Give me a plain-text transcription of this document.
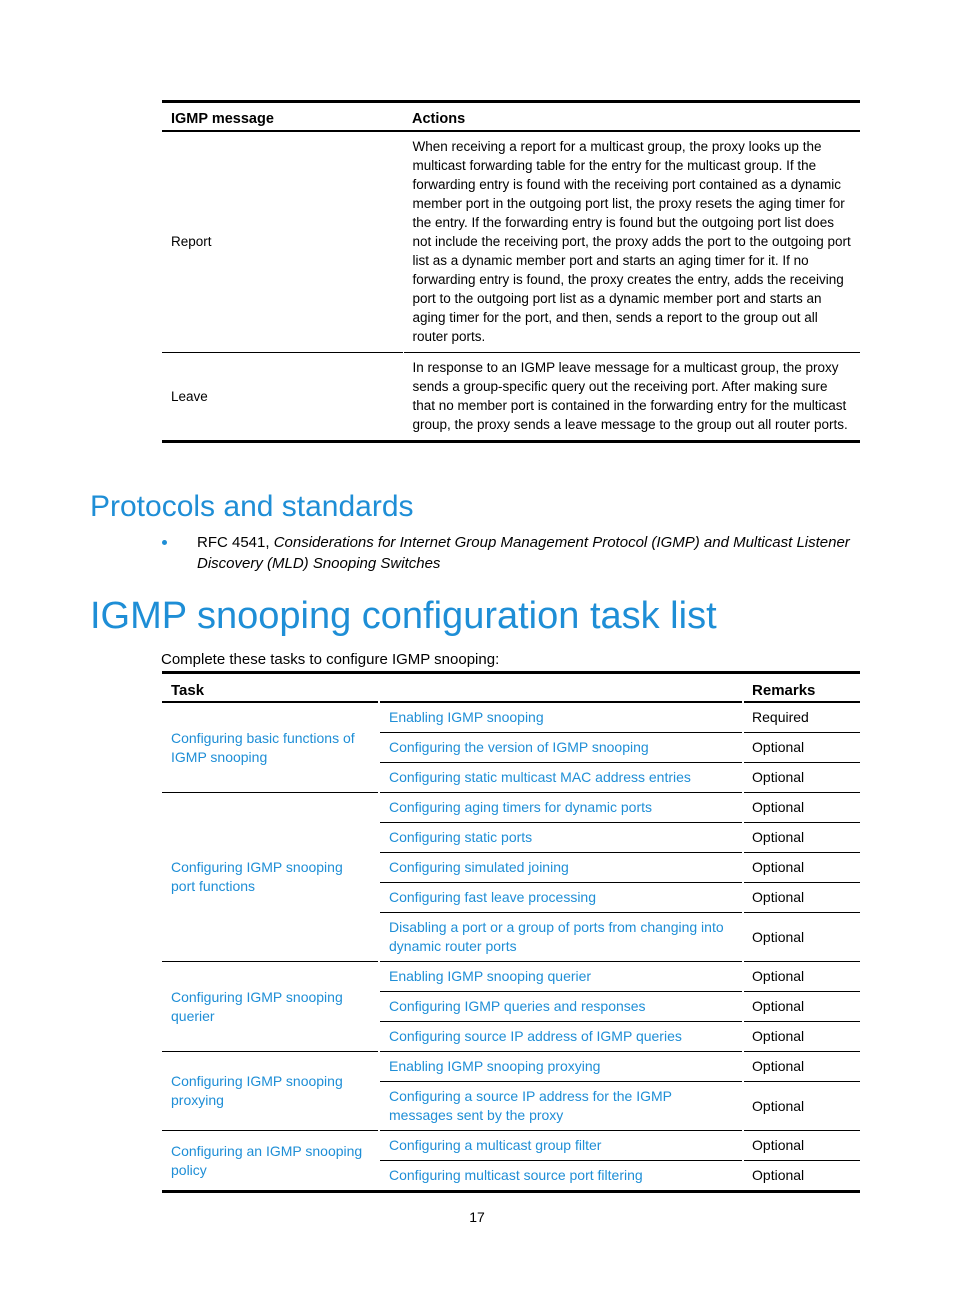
IGMP message	Actions
Report	When receiving a report for a multicast group, the proxy looks up the multicast forwarding table for the entry for the multicast group. If the forwarding entry is found with the receiving port contained as a dynamic member port in the outgoing port list, the proxy resets the aging timer for the entry. If the forwarding entry is found but the outgoing port list does not include the receiving port, the proxy adds the port to the outgoing port list as a dynamic member port and starts an aging timer for it. If no forwarding entry is found, the proxy creates the entry, adds the receiving port to the outgoing port list as a dynamic member port and starts an aging timer for the port, and then, sends a report to the group out all router ports.
Leave	In response to an IGMP leave message for a multicast group, the proxy sends a group-specific query out the receiving port. After making sure that no member port is contained in the forwarding entry for the multicast group, the proxy sends a leave message to the group out all router ports.
Protocols and standards
RFC 4541, Considerations for Internet Group Management Protocol (IGMP) and Multicast Listener Discovery (MLD) Snooping Switches
IGMP snooping configuration task list

Complete these tasks to configure IGMP snooping:

Task		Remarks
Configuring basic functions of IGMP snooping	Enabling IGMP snooping	Required
	Configuring the version of IGMP snooping	Optional
	Configuring static multicast MAC address entries	Optional
Configuring IGMP snooping port functions	Configuring aging timers for dynamic ports	Optional
	Configuring static ports	Optional
	Configuring simulated joining	Optional
	Configuring fast leave processing	Optional
	Disabling a port or a group of ports from changing into dynamic router ports	Optional
Configuring IGMP snooping querier	Enabling IGMP snooping querier	Optional
	Configuring IGMP queries and responses	Optional
	Configuring source IP address of IGMP queries	Optional
Configuring IGMP snooping proxying	Enabling IGMP snooping proxying	Optional
	Configuring a source IP address for the IGMP messages sent by the proxy	Optional
Configuring an IGMP snooping policy	Configuring a multicast group filter	Optional
	Configuring multicast source port filtering	Optional
17
